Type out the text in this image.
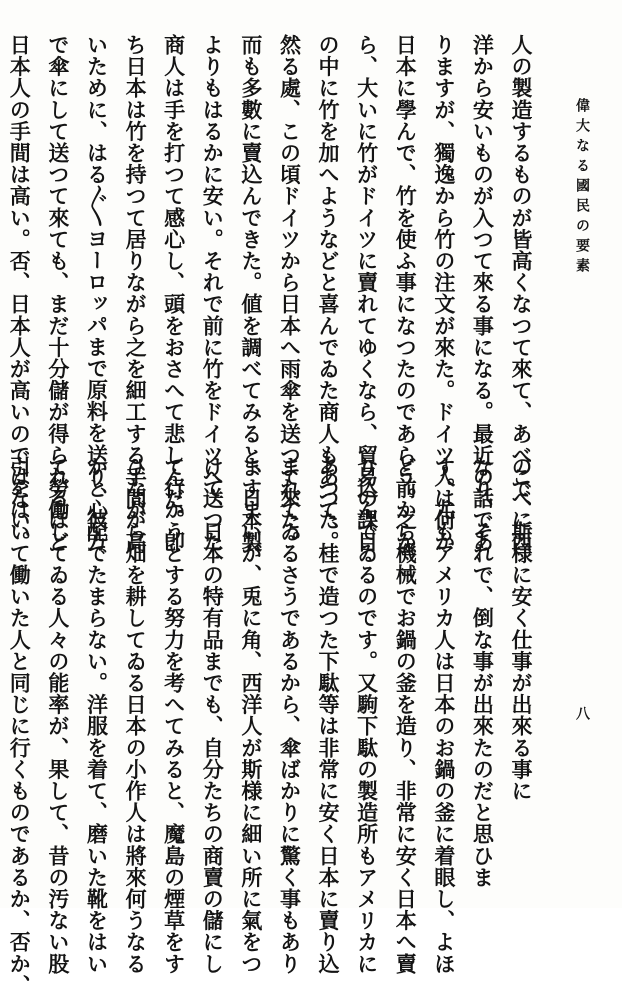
偉大なる國民の要素
八
人の製造するものが皆高くなつて來て、あべこべに西
洋から安いものが入つて來る事になる。最近の話であ
りますが、獨逸から竹の注文が來た。ドイツ人は何か
日本に學んで、竹を使ふ事になつたのであらう。之か
ら、大いに竹がドイツに賣れてゆくなら、貿易の課目
の中に竹を加へようなどと喜んでゐた商人もあつた。
然る處、この頃ドイツから日本へ雨傘を送つて來た。
而も多數に賣込んできた。値を調べてみると、日本製
よりもはるかに安い。それで前に竹をドイツへ送つた
商人は手を打つて感心し、頭をおさへて悲しんだ。卽
ち日本は竹を持つて居りながら之を細工する手間が高
いために、はる〲ヨーロッパまで原料を送り、彼方
で傘にして送つて來ても、まだ十分儲が得られるほど
日本人の手間は高い。否、日本人が高いのではない。
ので、斯様に安く仕事が出來る事に
なり、それで、倒な事が出來たのだと思ひま
す。尤もアメリカ人は日本のお鍋の釜に着眼し、よほ
ど前から機械でお鍋の釜を造り、非常に安く日本へ賣
り込んでゐるのです。又駒下駄の製造所もアメリカに
あつて、桂で造つた下駄等は非常に安く日本に賣り込
まれてゐるさうであるから、傘ばかりに驚く事もあり
ますまいが、兎に角、西洋人が斯様に細い所に氣をつ
けて、日本の特有品までも、自分たちの商賣の儲にし
て行かうとする努力を考へてみると、魔島の煙草をす
ひながら畑を耕してゐる日本の小作人は將來何うなる
かと心配でたまらない。洋服を着て、磨いた靴をはい
て勞働してゐる人々の能率が、果して、昔の汚ない股
引をはいて働いた人と同じに行くものであるか、否か、
